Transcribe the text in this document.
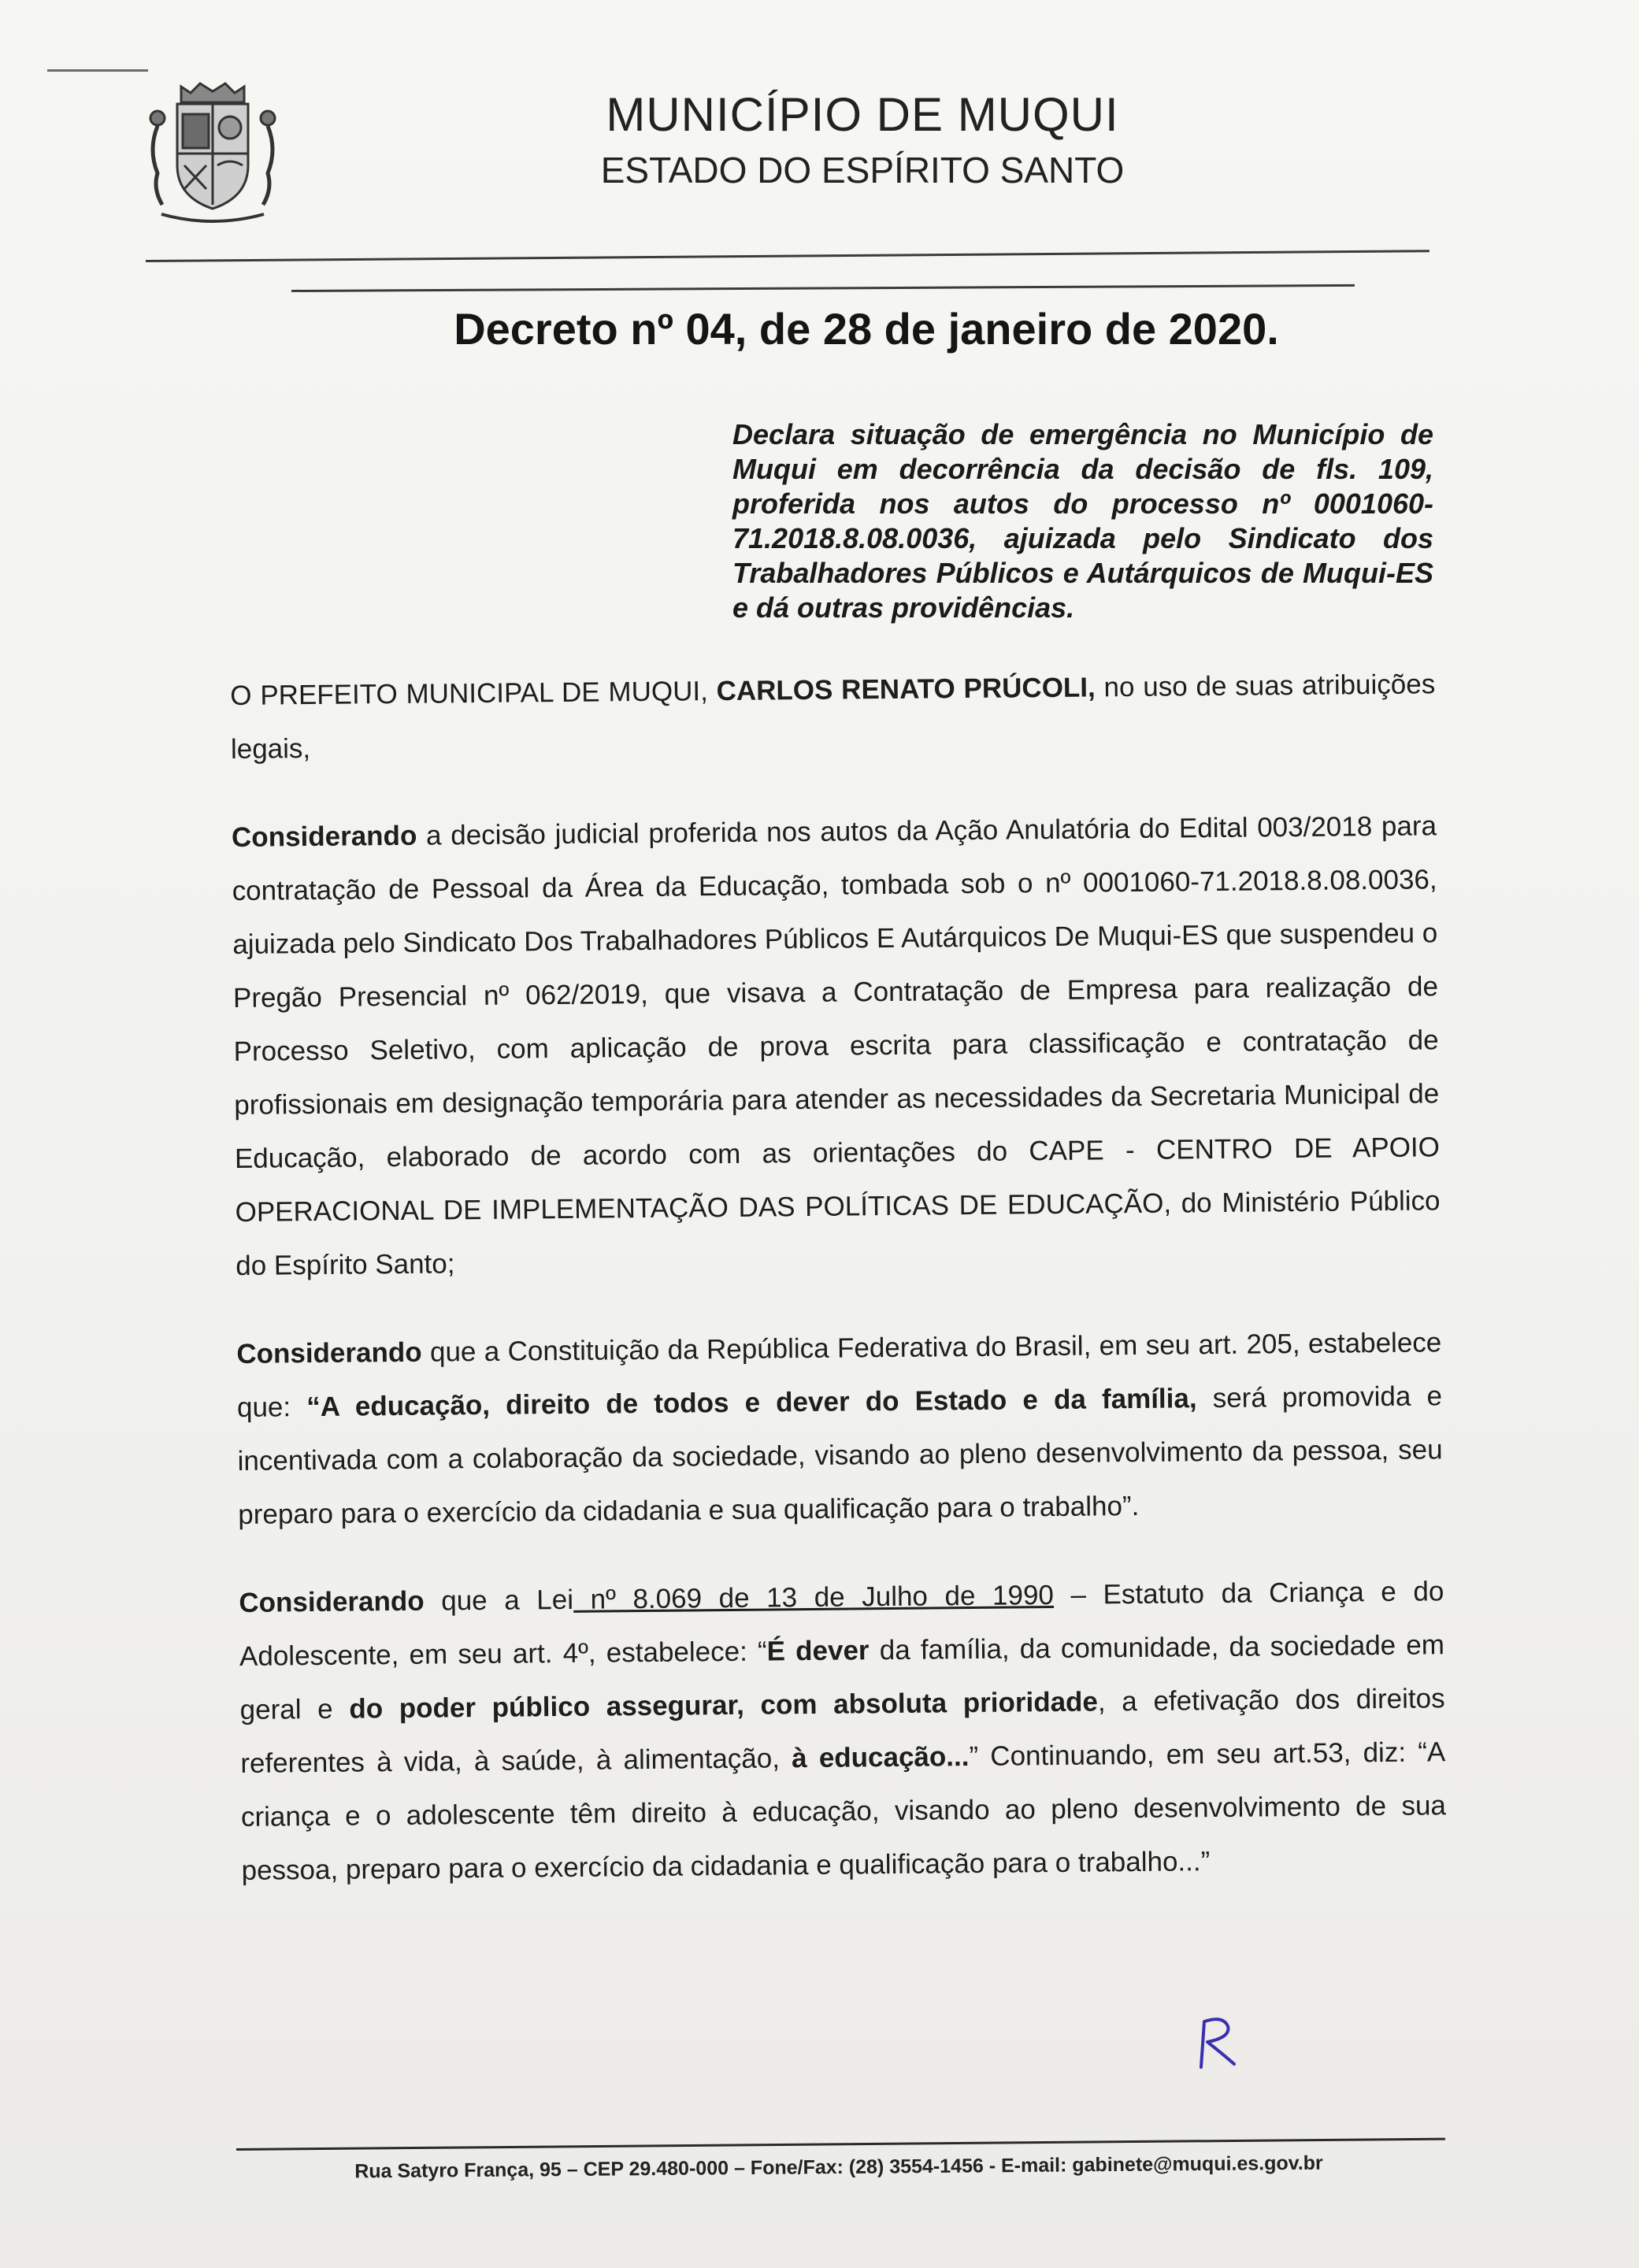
MUNICÍPIO DE MUQUI
ESTADO DO ESPÍRITO SANTO
Decreto nº 04, de 28 de janeiro de 2020.
Declara situação de emergência no Município de Muqui em decorrência da decisão de fls. 109, proferida nos autos do processo nº 0001060-71.2018.8.08.0036, ajuizada pelo Sindicato dos Trabalhadores Públicos e Autárquicos de Muqui-ES e dá outras providências.

O PREFEITO MUNICIPAL DE MUQUI, CARLOS RENATO PRÚCOLI, no uso de suas atribuições legais,

Considerando a decisão judicial proferida nos autos da Ação Anulatória do Edital 003/2018 para contratação de Pessoal da Área da Educação, tombada sob o nº 0001060-71.2018.8.08.0036, ajuizada pelo Sindicato Dos Trabalhadores Públicos E Autárquicos De Muqui-ES que suspendeu o Pregão Presencial nº 062/2019, que visava a Contratação de Empresa para realização de Processo Seletivo, com aplicação de prova escrita para classificação e contratação de profissionais em designação temporária para atender as necessidades da Secretaria Municipal de Educação, elaborado de acordo com as orientações do CAPE - CENTRO DE APOIO OPERACIONAL DE IMPLEMENTAÇÃO DAS POLÍTICAS DE EDUCAÇÃO, do Ministério Público do Espírito Santo;

Considerando que a Constituição da República Federativa do Brasil, em seu art. 205, estabelece que: “A educação, direito de todos e dever do Estado e da família, será promovida e incentivada com a colaboração da sociedade, visando ao pleno desenvolvimento da pessoa, seu preparo para o exercício da cidadania e sua qualificação para o trabalho”.

Considerando que a Lei nº 8.069 de 13 de Julho de 1990 – Estatuto da Criança e do Adolescente, em seu art. 4º, estabelece: “É dever da família, da comunidade, da sociedade em geral e do poder público assegurar, com absoluta prioridade, a efetivação dos direitos referentes à vida, à saúde, à alimentação, à educação...” Continuando, em seu art.53, diz: “A criança e o adolescente têm direito à educação, visando ao pleno desenvolvimento de sua pessoa, preparo para o exercício da cidadania e qualificação para o trabalho...”

Rua Satyro França, 95 – CEP 29.480-000 – Fone/Fax: (28) 3554-1456 - E-mail: gabinete@muqui.es.gov.br
